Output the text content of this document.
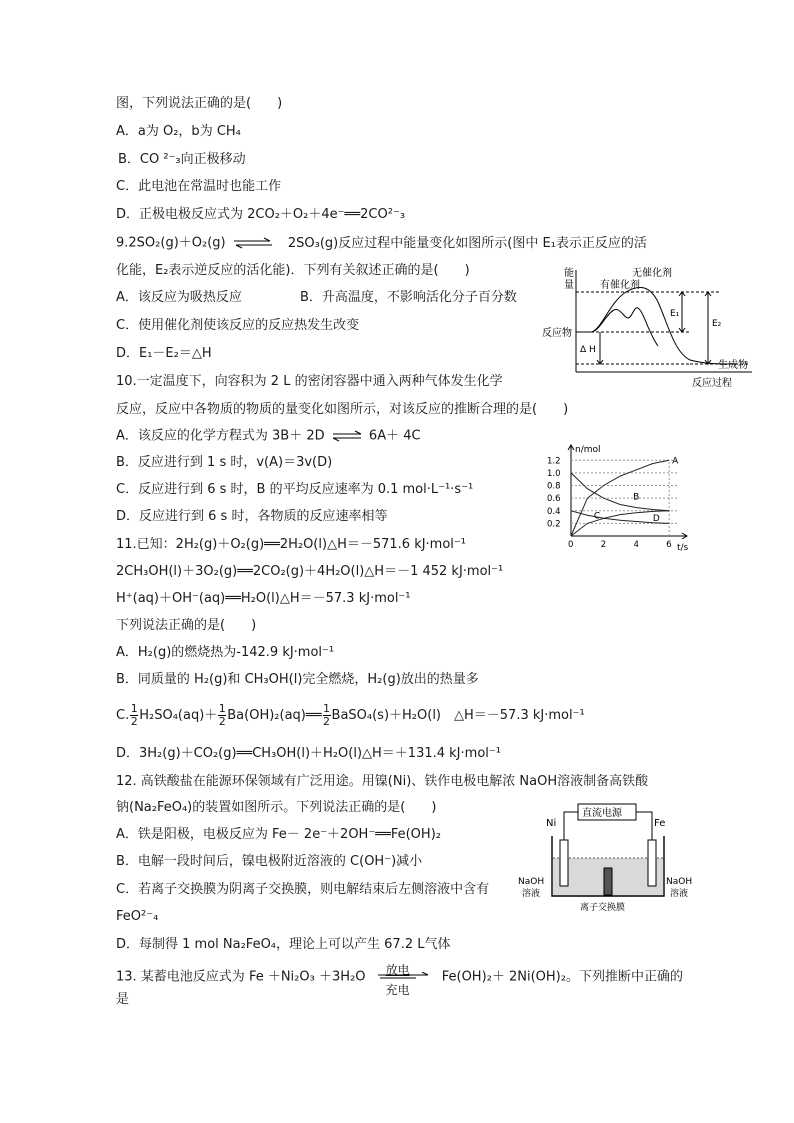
图，下列说法正确的是(　　)
A．a为 O₂，b为 CH₄
B．CO ²⁻₃向正极移动
C．此电池在常温时也能工作
D．正极电极反应式为 2CO₂＋O₂＋4e⁻══2CO²⁻₃
9.2SO₂(g)＋O₂(g) ⇌ 2SO₃(g)反应过程中能量变化如图所示(图中 E₁表示正反应的活
化能，E₂表示逆反应的活化能)．下列有关叙述正确的是(　　)
A．该反应为吸热反应	B．升高温度，不影响活化分子百分数
C．使用催化剂使该反应的反应热发生改变
D．E₁－E₂＝△H
能
量
E₁
E₂
Δ H
有催化剂
无催化剂
反应物
生成物
反应过程
10.一定温度下，向容积为 2 L 的密闭容器中通入两种气体发生化学
反应，反应中各物质的物质的量变化如图所示，对该反应的推断合理的是(　　)
A．该反应的化学方程式为 3B＋ 2D ⇌ 6A＋ 4C
B．反应进行到 1 s 时，v(A)＝3v(D)
C．反应进行到 6 s 时，B 的平均反应速率为 0.1 mol·L⁻¹·s⁻¹
D．反应进行到 6 s 时，各物质的反应速率相等
n/mol
t/s
1.2
1.0
0.8
0.6
0.4
0.2
0	2	4	6
A
B
C	D
11.已知：2H₂(g)＋O₂(g)══2H₂O(l)△H＝－571.6 kJ·mol⁻¹
2CH₃OH(l)＋3O₂(g)══2CO₂(g)＋4H₂O(l)△H＝－1 452 kJ·mol⁻¹
H⁺(aq)＋OH⁻(aq)══H₂O(l)△H＝－57.3 kJ·mol⁻¹
下列说法正确的是(　　)
A．H₂(g)的燃烧热为-142.9 kJ·mol⁻¹
B．同质量的 H₂(g)和 CH₃OH(l)完全燃烧，H₂(g)放出的热量多
C. $\frac{1}{2} H_2SO_4(aq)+ \frac{1}{2}$ Ba(OH)₂(aq)══ $\frac{1}{2}$ BaSO₄(s)＋H₂O(l)　△H＝－57.3 kJ·mol⁻¹
D．3H₂(g)＋CO₂(g)══CH₃OH(l)＋H₂O(l)△H＝＋131.4 kJ·mol⁻¹
12. 高铁酸盐在能源环保领域有广泛用途。用镍(Ni)、铁作电极电解浓 NaOH溶液制备高铁酸
钠(Na₂FeO₄)的装置如图所示。下列说法正确的是(　　)
A．铁是阳极，电极反应为 Fe－ 2e⁻＋2OH⁻══Fe(OH)₂
B．电解一段时间后，镍电极附近溶液的 C(OH⁻)减小
C．若离子交换膜为阴离子交换膜，则电解结束后左侧溶液中含有
FeO²⁻₄
D．每制得 1 mol Na₂FeO₄，理论上可以产生 67.2 L气体
直流电源
Ni	Fe
NaOH
溶液
NaOH
溶液
离子交换膜
13. 某蓄电池反应式为 Fe ＋Ni₂O₃ ＋3H₂O 放电
充电
Fe(OH)₂＋ 2Ni(OH)₂。下列推断中正确的
是
